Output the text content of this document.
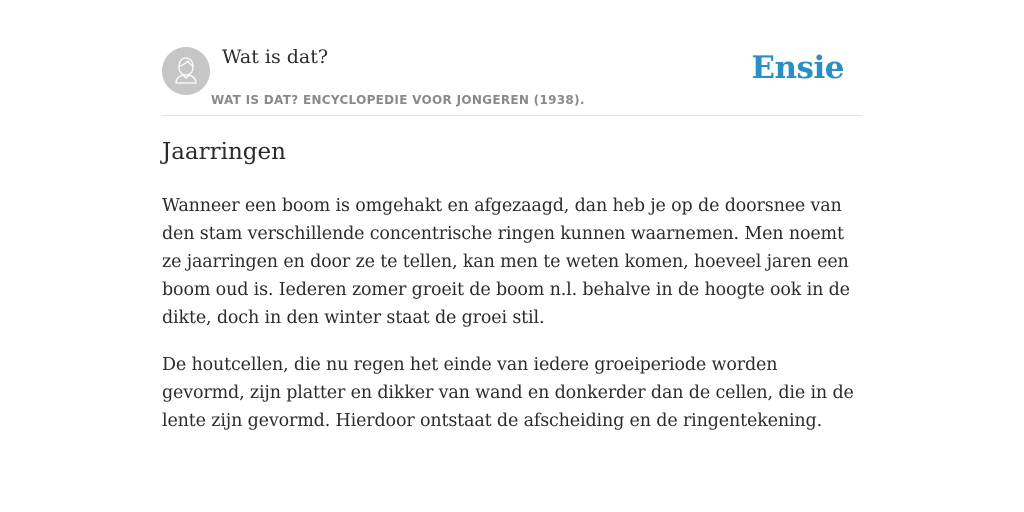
Wat is dat?
WAT IS DAT? ENCYCLOPEDIE VOOR JONGEREN (1938).
Ensie
Jaarringen

Wanneer een boom is omgehakt en afgezaagd, dan heb je op de doorsnee van den stam verschillende concentrische ringen kunnen waarnemen. Men noemt ze jaarringen en door ze te tellen, kan men te weten komen, hoeveel jaren een boom oud is. Iederen zomer groeit de boom n.l. behalve in de hoogte ook in de dikte, doch in den winter staat de groei stil.

De houtcellen, die nu regen het einde van iedere groeiperiode worden gevormd, zijn platter en dikker van wand en donkerder dan de cellen, die in de lente zijn gevormd. Hierdoor ontstaat de afscheiding en de ringentekening.
